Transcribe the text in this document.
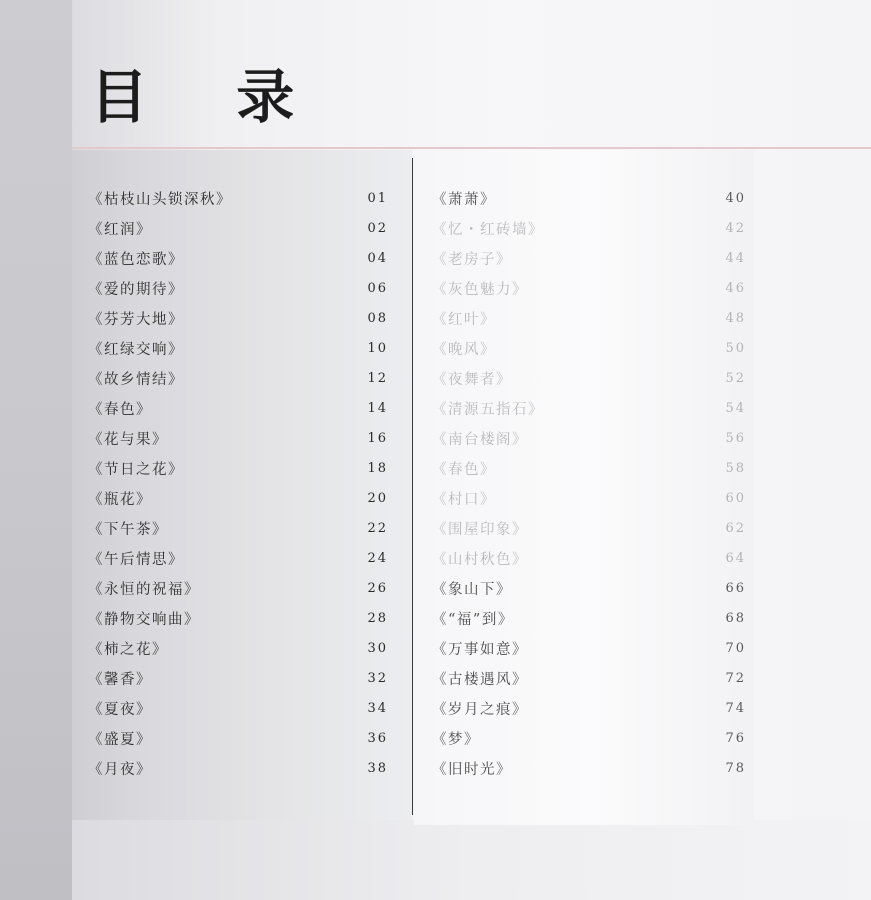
目 录
《枯枝山头锁深秋》	01
《红润》	02
《蓝色恋歌》	04
《爱的期待》	06
《芬芳大地》	08
《红绿交响》	10
《故乡情结》	12
《春色》	14
《花与果》	16
《节日之花》	18
《瓶花》	20
《下午茶》	22
《午后情思》	24
《永恒的祝福》	26
《静物交响曲》	28
《柿之花》	30
《馨香》	32
《夏夜》	34
《盛夏》	36
《月夜》	38
《萧萧》	40
《忆・红砖墙》	42
《老房子》	44
《灰色魅力》	46
《红叶》	48
《晚风》	50
《夜舞者》	52
《清源五指石》	54
《南台楼阁》	56
《春色》	58
《村口》	60
《围屋印象》	62
《山村秋色》	64
《象山下》	66
《“福”到》	68
《万事如意》	70
《古楼遇风》	72
《岁月之痕》	74
《梦》	76
《旧时光》	78
